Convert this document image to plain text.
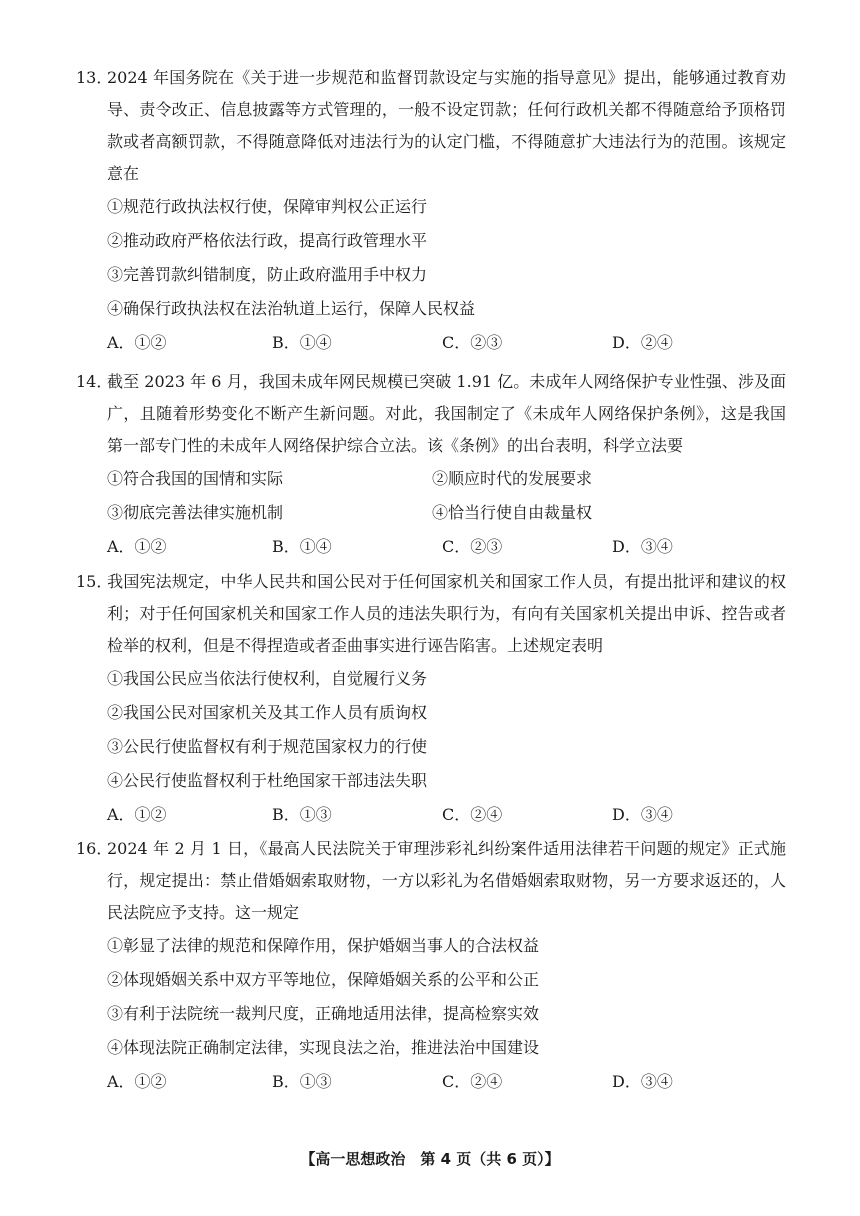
13．2024 年国务院在《关于进一步规范和监督罚款设定与实施的指导意见》提出，能够通过教育劝导、责令改正、信息披露等方式管理的，一般不设定罚款；任何行政机关都不得随意给予顶格罚款或者高额罚款，不得随意降低对违法行为的认定门槛，不得随意扩大违法行为的范围。该规定意在

①规范行政执法权行使，保障审判权公正运行

②推动政府严格依法行政，提高行政管理水平

③完善罚款纠错制度，防止政府滥用手中权力

④确保行政执法权在法治轨道上运行，保障人民权益

A．①②	B．①④	C．②③	D．②④

14．截至 2023 年 6 月，我国未成年网民规模已突破 1.91 亿。未成年人网络保护专业性强、涉及面广，且随着形势变化不断产生新问题。对此，我国制定了《未成年人网络保护条例》，这是我国第一部专门性的未成年人网络保护综合立法。该《条例》的出台表明，科学立法要

①符合我国的国情和实际	②顺应时代的发展要求
③彻底完善法律实施机制	④恰当行使自由裁量权
A．①②	B．①④	C．②③	D．③④

15．我国宪法规定，中华人民共和国公民对于任何国家机关和国家工作人员，有提出批评和建议的权利；对于任何国家机关和国家工作人员的违法失职行为，有向有关国家机关提出申诉、控告或者检举的权利，但是不得捏造或者歪曲事实进行诬告陷害。上述规定表明

①我国公民应当依法行使权利，自觉履行义务

②我国公民对国家机关及其工作人员有质询权

③公民行使监督权有利于规范国家权力的行使

④公民行使监督权利于杜绝国家干部违法失职

A．①②	B．①③	C．②④	D．③④

16．2024 年 2 月 1 日，《最高人民法院关于审理涉彩礼纠纷案件适用法律若干问题的规定》正式施行，规定提出：禁止借婚姻索取财物，一方以彩礼为名借婚姻索取财物，另一方要求返还的，人民法院应予支持。这一规定

①彰显了法律的规范和保障作用，保护婚姻当事人的合法权益

②体现婚姻关系中双方平等地位，保障婚姻关系的公平和公正

③有利于法院统一裁判尺度，正确地适用法律，提高检察实效

④体现法院正确制定法律，实现良法之治，推进法治中国建设

A．①②	B．①③	C．②④	D．③④
【高一思想政治　第 4 页（共 6 页）】
